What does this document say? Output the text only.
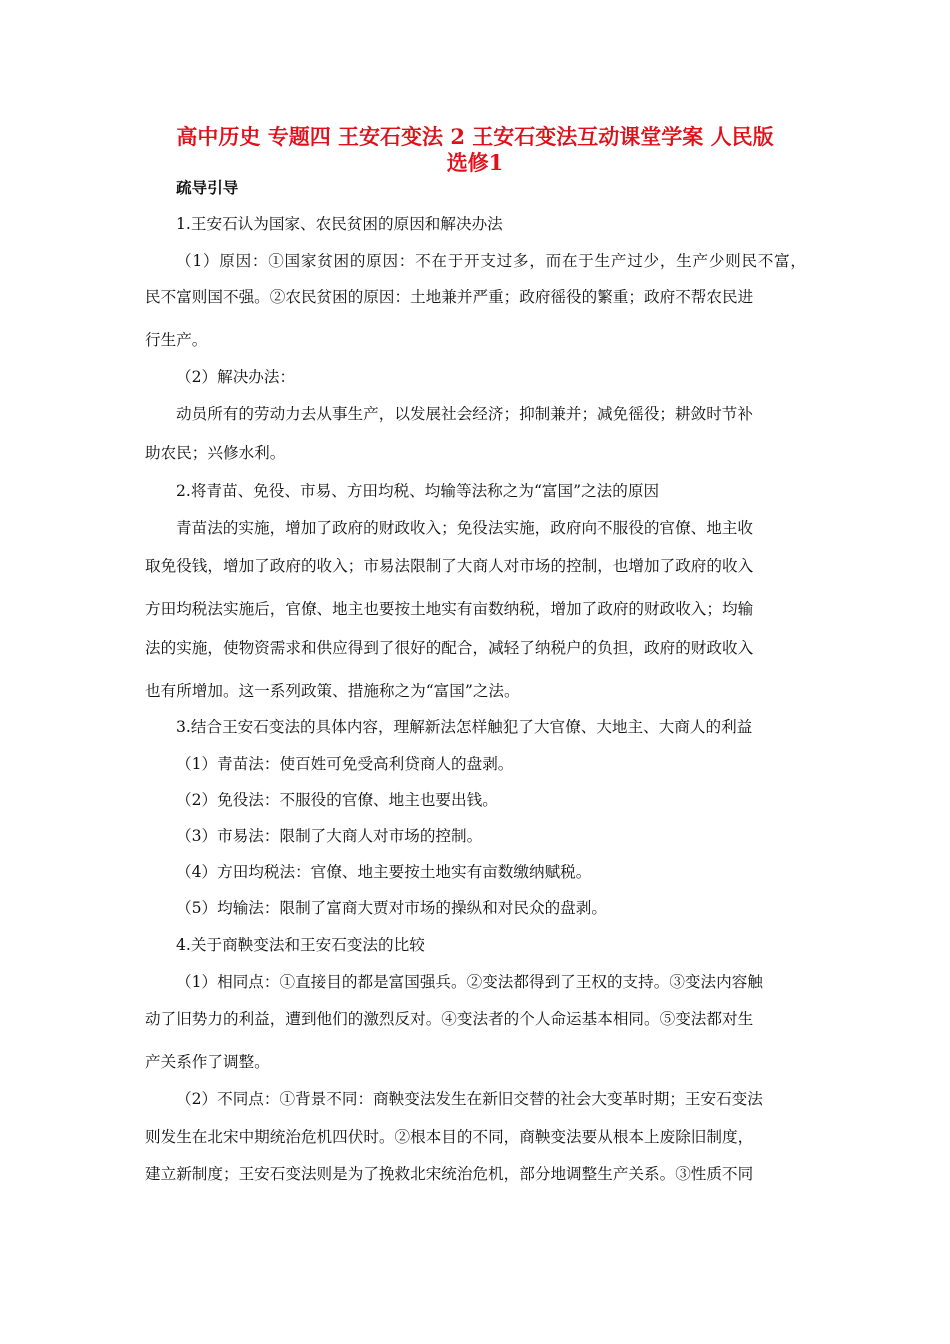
高中历史 专题四 王安石变法 2 王安石变法互动课堂学案 人民版
选修1
疏导引导
1.王安石认为国家、农民贫困的原因和解决办法
（1）原因：①国家贫困的原因：不在于开支过多，而在于生产过少，生产少则民不富，
民不富则国不强。②农民贫困的原因：土地兼并严重；政府徭役的繁重；政府不帮农民进
行生产。
（2）解决办法：
动员所有的劳动力去从事生产，以发展社会经济；抑制兼并；减免徭役；耕敛时节补
助农民；兴修水利。
2.将青苗、免役、市易、方田均税、均输等法称之为“富国”之法的原因
青苗法的实施，增加了政府的财政收入；免役法实施，政府向不服役的官僚、地主收
取免役钱，增加了政府的收入；市易法限制了大商人对市场的控制，也增加了政府的收入
方田均税法实施后，官僚、地主也要按土地实有亩数纳税，增加了政府的财政收入；均输
法的实施，使物资需求和供应得到了很好的配合，减轻了纳税户的负担，政府的财政收入
也有所增加。这一系列政策、措施称之为“富国”之法。
3.结合王安石变法的具体内容，理解新法怎样触犯了大官僚、大地主、大商人的利益
（1）青苗法：使百姓可免受高利贷商人的盘剥。
（2）免役法：不服役的官僚、地主也要出钱。
（3）市易法：限制了大商人对市场的控制。
（4）方田均税法：官僚、地主要按土地实有亩数缴纳赋税。
（5）均输法：限制了富商大贾对市场的操纵和对民众的盘剥。
4.关于商鞅变法和王安石变法的比较
（1）相同点：①直接目的都是富国强兵。②变法都得到了王权的支持。③变法内容触
动了旧势力的利益，遭到他们的激烈反对。④变法者的个人命运基本相同。⑤变法都对生
产关系作了调整。
（2）不同点：①背景不同：商鞅变法发生在新旧交替的社会大变革时期；王安石变法
则发生在北宋中期统治危机四伏时。②根本目的不同，商鞅变法要从根本上废除旧制度，
建立新制度；王安石变法则是为了挽救北宋统治危机，部分地调整生产关系。③性质不同
